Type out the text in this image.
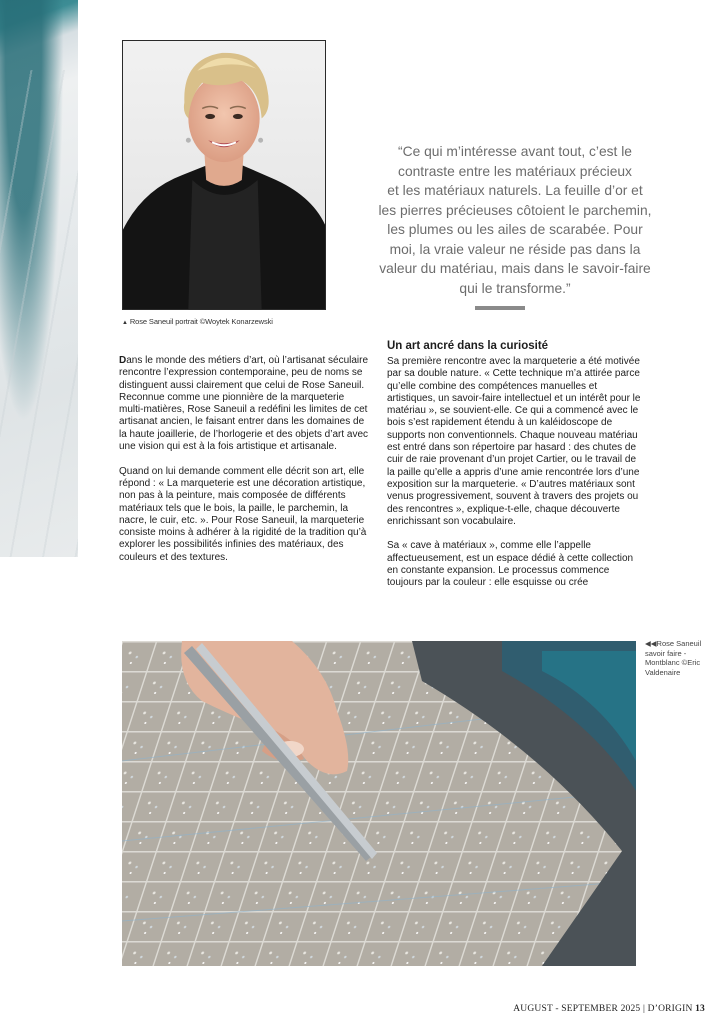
▲ Rose Saneuil portrait ©Woytek Konarzewski

“Ce qui m’intéresse avant tout, c’est le

contraste entre les matériaux précieux

et les matériaux naturels. La feuille d’or et

les pierres précieuses côtoient le parchemin,

les plumes ou les ailes de scarabée. Pour

moi, la vraie valeur ne réside pas dans la

valeur du matériau, mais dans le savoir-faire

qui le transforme.”

Dans le monde des métiers d’art, où l’artisanat séculaire rencontre l’expression contemporaine, peu de noms se distinguent aussi clairement que celui de Rose Saneuil.
Reconnue comme une pionnière de la marqueterie multi-matières, Rose Saneuil a redéfini les limites de cet artisanat ancien, le faisant entrer dans les domaines de la haute joaillerie, de l’horlogerie et des objets d’art avec une vision qui est à la fois artistique et artisanale.

Quand on lui demande comment elle décrit son art, elle répond : « La marqueterie est une décoration artistique, non pas à la peinture, mais composée de différents matériaux tels que le bois, la paille, le parchemin, la nacre, le cuir, etc. ». Pour Rose Saneuil, la marqueterie consiste moins à adhérer à la rigidité de la tradition qu’à explorer les possibilités infinies des matériaux, des couleurs et des textures.

Un art ancré dans la curiosité

Sa première rencontre avec la marqueterie a été motivée par sa double nature. « Cette technique m’a attirée parce qu’elle combine des compétences manuelles et artistiques, un savoir-faire intellectuel et un intérêt pour le matériau », se souvient-elle. Ce qui a commencé avec le bois s’est rapidement étendu à un kaléidoscope de supports non conventionnels. Chaque nouveau matériau est entré dans son répertoire par hasard : des chutes de cuir de raie provenant d’un projet Cartier, ou le travail de la paille qu’elle a appris d’une amie rencontrée lors d’une exposition sur la marqueterie. « D’autres matériaux sont venus progressivement, souvent à travers des projets ou des rencontres », explique-t-elle, chaque découverte enrichissant son vocabulaire.

Sa « cave à matériaux », comme elle l’appelle affectueusement, est un espace dédié à cette collection en constante expansion. Le processus commence toujours par la couleur : elle esquisse ou crée

◀◀Rose Saneuil savoir faire - Montblanc ©Eric Valdenaire

AUGUST - SEPTEMBER 2025 | D’ORIGIN 13
